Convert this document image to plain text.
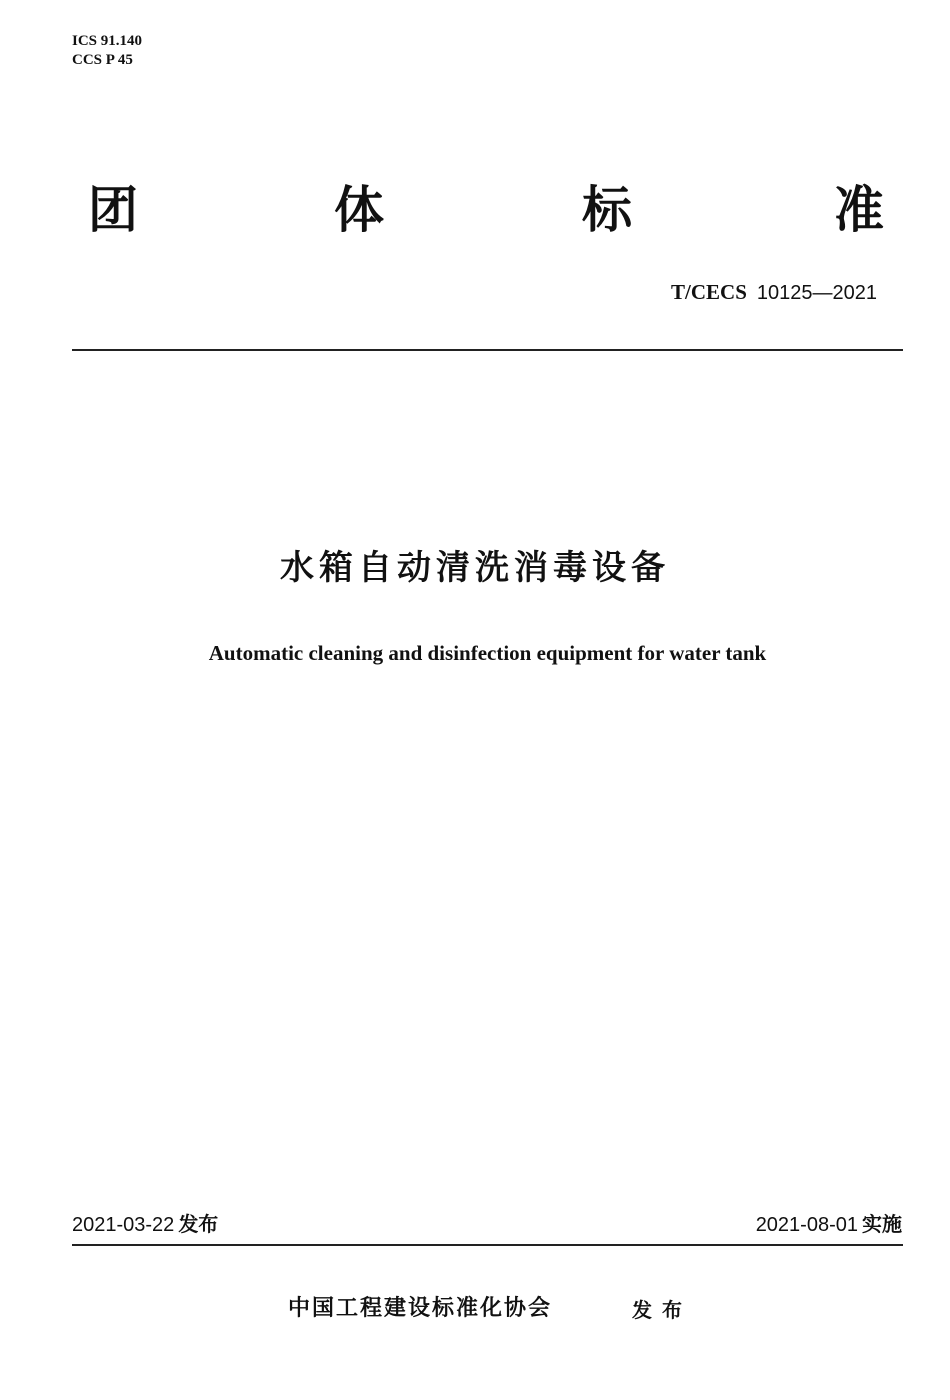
ICS 91.140
CCS P 45
团	体	标	准
T/CECS 10125—2021
水箱自动清洗消毒设备
Automatic cleaning and disinfection equipment for water tank
2021-03-22 发布	2021-08-01 实施
中国工程建设标准化协会	发布
